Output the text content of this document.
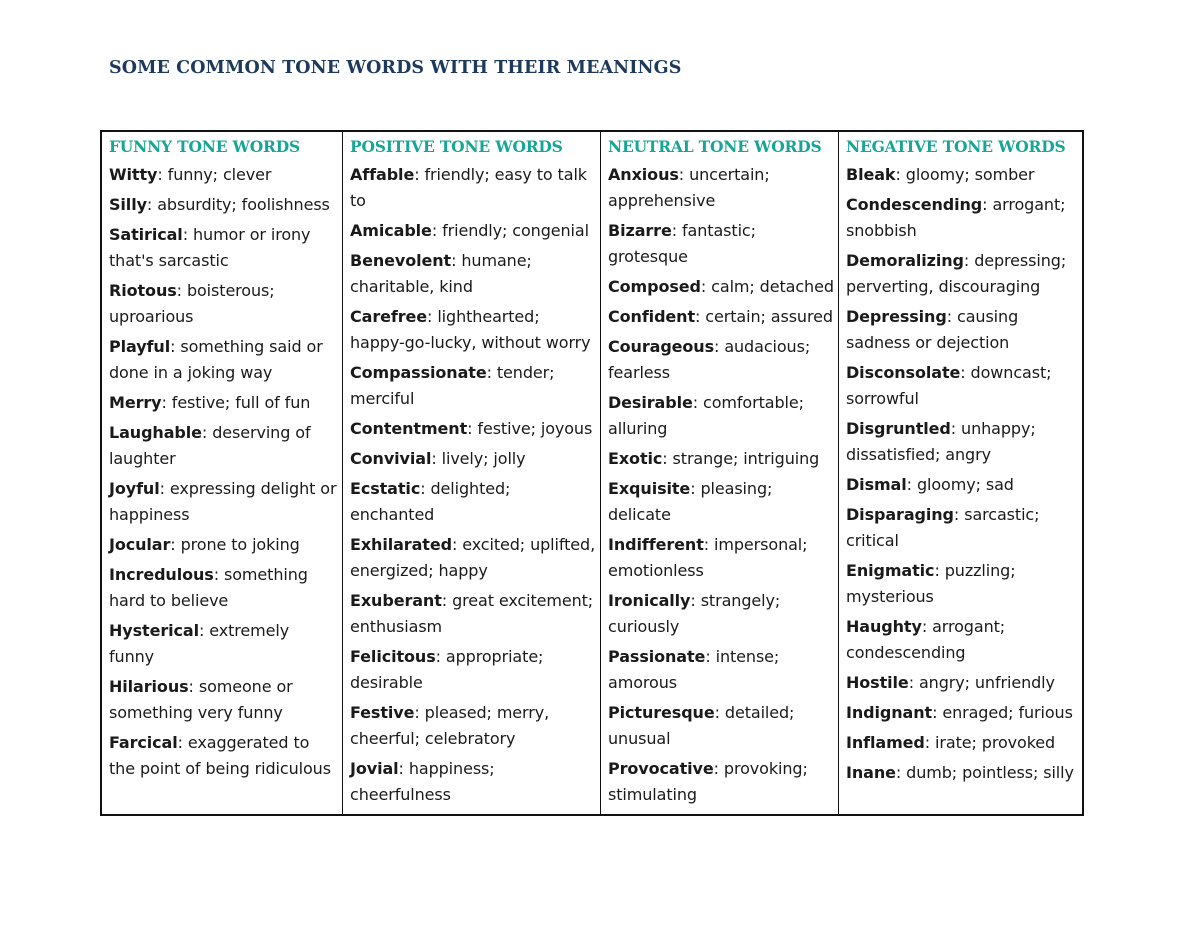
SOME COMMON TONE WORDS WITH THEIR MEANINGS
FUNNY TONE WORDS
Witty: funny; clever
Silly: absurdity; foolishness
Satirical: humor or irony that's sarcastic
Riotous: boisterous; uproarious
Playful: something said or done in a joking way
Merry: festive; full of fun
Laughable: deserving of laughter
Joyful: expressing delight or happiness
Jocular: prone to joking
Incredulous: something hard to believe
Hysterical: extremely funny
Hilarious: someone or something very funny
Farcical: exaggerated to the point of being ridiculous
POSITIVE TONE WORDS
Affable: friendly; easy to talk to
Amicable: friendly; congenial
Benevolent: humane; charitable, kind
Carefree: lighthearted; happy-go-lucky, without worry
Compassionate: tender; merciful
Contentment: festive; joyous
Convivial: lively; jolly
Ecstatic: delighted; enchanted
Exhilarated: excited; uplifted, energized; happy
Exuberant: great excitement; enthusiasm
Felicitous: appropriate; desirable
Festive: pleased; merry, cheerful; celebratory
Jovial: happiness; cheerfulness
NEUTRAL TONE WORDS
Anxious: uncertain; apprehensive
Bizarre: fantastic; grotesque
Composed: calm; detached
Confident: certain; assured
Courageous: audacious; fearless
Desirable: comfortable; alluring
Exotic: strange; intriguing
Exquisite: pleasing; delicate
Indifferent: impersonal; emotionless
Ironically: strangely; curiously
Passionate: intense; amorous
Picturesque: detailed; unusual
Provocative: provoking; stimulating
NEGATIVE TONE WORDS
Bleak: gloomy; somber
Condescending: arrogant; snobbish
Demoralizing: depressing; perverting, discouraging
Depressing: causing sadness or dejection
Disconsolate: downcast; sorrowful
Disgruntled: unhappy; dissatisfied; angry
Dismal: gloomy; sad
Disparaging: sarcastic; critical
Enigmatic: puzzling; mysterious
Haughty: arrogant; condescending
Hostile: angry; unfriendly
Indignant: enraged; furious
Inflamed: irate; provoked
Inane: dumb; pointless; silly
